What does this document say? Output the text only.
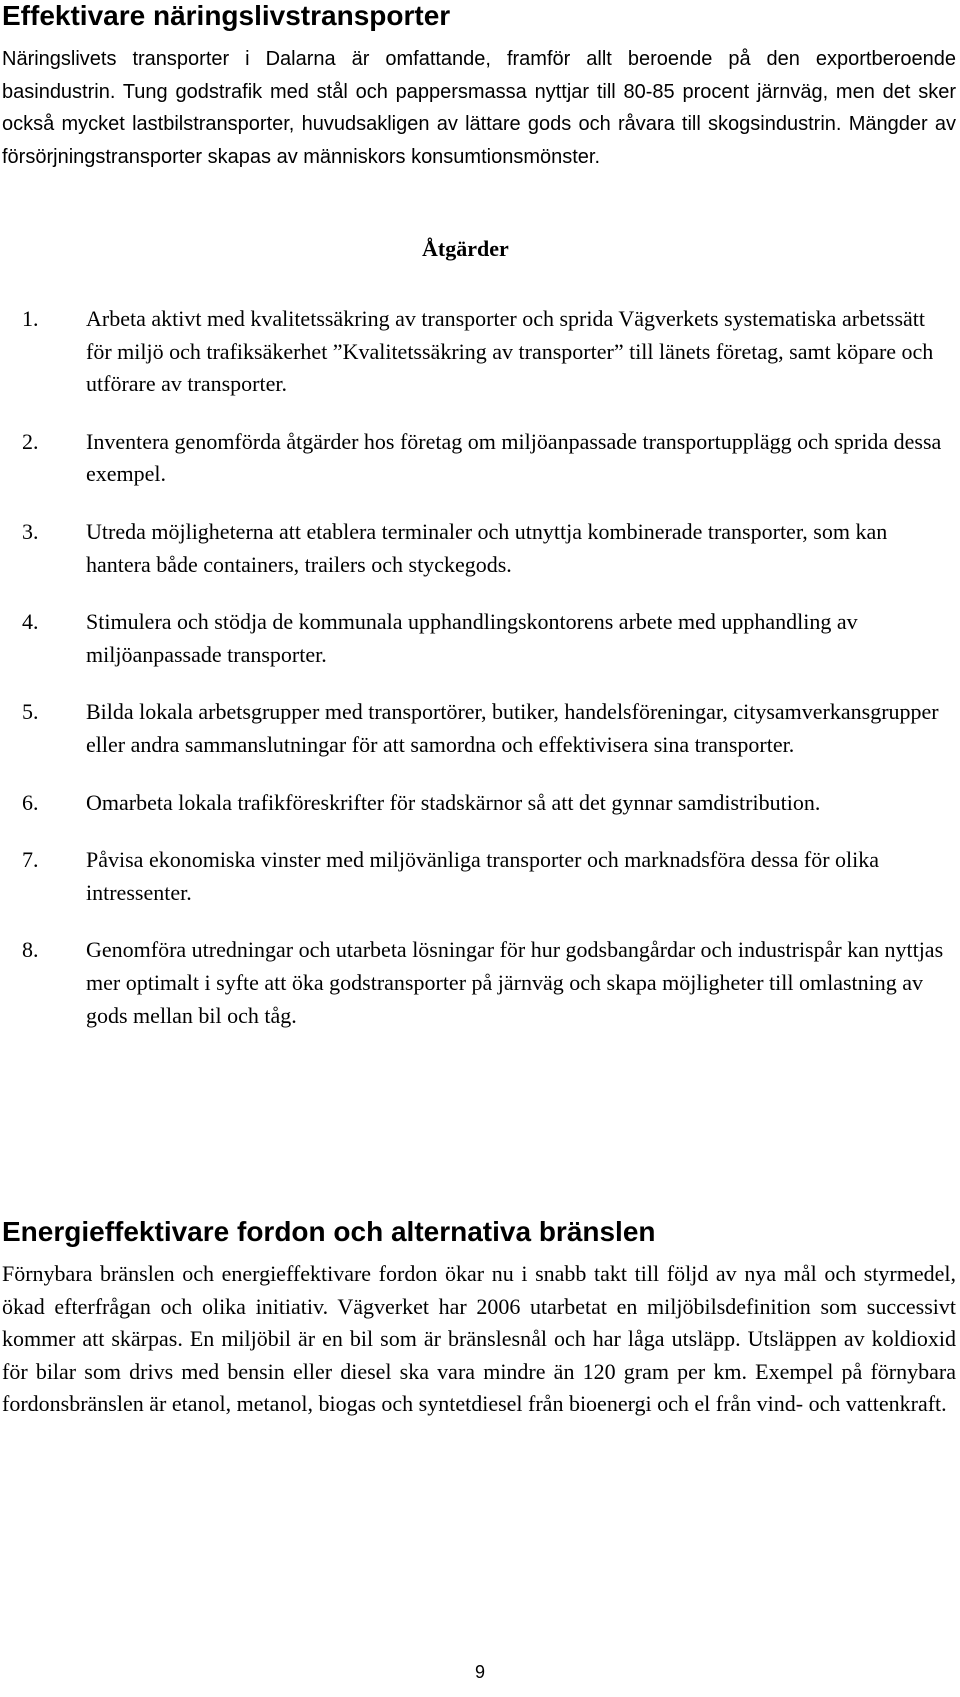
Effektivare näringslivstransporter

Näringslivets transporter i Dalarna är omfattande, framför allt beroende på den exportberoende basindustrin. Tung godstrafik med stål och pappersmassa nyttjar till 80-85 procent järnväg, men det sker också mycket lastbilstransporter, huvudsakligen av lättare gods och råvara till skogsindustrin. Mängder av försörjningstransporter skapas av människors konsumtionsmönster.

Åtgärder
1. Arbeta aktivt med kvalitetssäkring av transporter och sprida Vägverkets systematiska arbetssätt för miljö och trafiksäkerhet ”Kvalitetssäkring av transporter” till länets företag, samt köpare och utförare av transporter.
2. Inventera genomförda åtgärder hos företag om miljöanpassade transportupplägg och sprida dessa exempel.
3. Utreda möjligheterna att etablera terminaler och utnyttja kombinerade transporter, som kan hantera både containers, trailers och styckegods.
4. Stimulera och stödja de kommunala upphandlingskontorens arbete med upphandling av miljöanpassade transporter.
5. Bilda lokala arbetsgrupper med transportörer, butiker, handelsföreningar, citysamverkansgrupper eller andra sammanslutningar för att samordna och effektivisera sina transporter.
6. Omarbeta lokala trafikföreskrifter för stadskärnor så att det gynnar samdistribution.
7. Påvisa ekonomiska vinster med miljövänliga transporter och marknadsföra dessa för olika intressenter.
8. Genomföra utredningar och utarbeta lösningar för hur godsbangårdar och industrispår kan nyttjas mer optimalt i syfte att öka godstransporter på järnväg och skapa möjligheter till omlastning av gods mellan bil och tåg.
Energieffektivare fordon och alternativa bränslen

Förnybara bränslen och energieffektivare fordon ökar nu i snabb takt till följd av nya mål och styrmedel, ökad efterfrågan och olika initiativ. Vägverket har 2006 utarbetat en miljöbilsdefinition som successivt kommer att skärpas. En miljöbil är en bil som är bränslesnål och har låga utsläpp. Utsläppen av koldioxid för bilar som drivs med bensin eller diesel ska vara mindre än 120 gram per km. Exempel på förnybara fordonsbränslen är etanol, metanol, biogas och syntetdiesel från bioenergi och el från vind- och vattenkraft.

9
